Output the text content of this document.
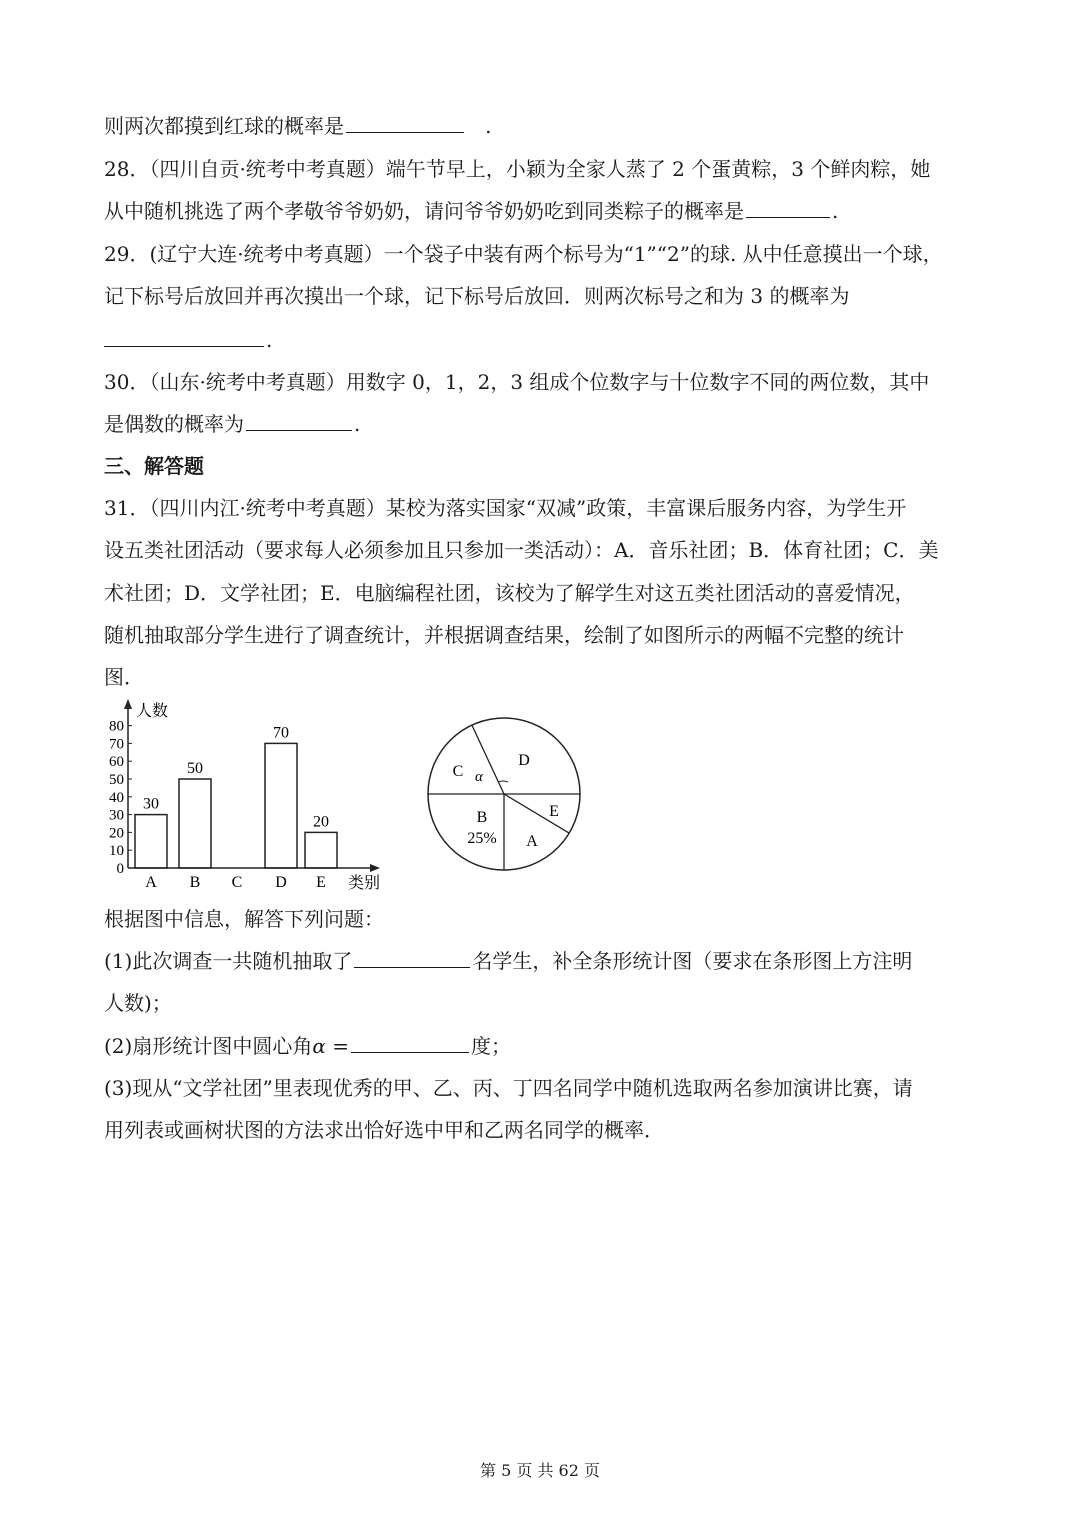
则两次都摸到红球的概率是	.
28．（四川自贡·统考中考真题）端午节早上，小颖为全家人蒸了 2 个蛋黄粽，3 个鲜肉粽，她
从中随机挑选了两个孝敬爷爷奶奶，请问爷爷奶奶吃到同类粽子的概率是	.
29．(辽宁大连·统考中考真题）一个袋子中装有两个标号为“1”“2”的球. 从中任意摸出一个球，
记下标号后放回并再次摸出一个球，记下标号后放回．则两次标号之和为 3 的概率为
.
30．（山东·统考中考真题）用数字 0，1，2，3 组成个位数字与十位数字不同的两位数，其中
是偶数的概率为	.
三、解答题
31．（四川内江·统考中考真题）某校为落实国家“双减”政策，丰富课后服务内容，为学生开
设五类社团活动（要求每人必须参加且只参加一类活动）：A．音乐社团；B．体育社团；C．美
术社团；D．文学社团；E．电脑编程社团，该校为了解学生对这五类社团活动的喜爱情况，
随机抽取部分学生进行了调查统计，并根据调查结果，绘制了如图所示的两幅不完整的统计
图．
人数
类别
0
10
20
30
40
50
60
70
80
A
30
B
50
C D
70
E
20
α
A
B
25%
C
D
E
根据图中信息，解答下列问题：
(1)此次调查一共随机抽取了	名学生，补全条形统计图（要求在条形图上方注明
人数)；
(2)扇形统计图中圆心角α =	度；
(3)现从“文学社团”里表现优秀的甲、乙、丙、丁四名同学中随机选取两名参加演讲比赛，请
用列表或画树状图的方法求出恰好选中甲和乙两名同学的概率．
第 5 页 共 62 页
